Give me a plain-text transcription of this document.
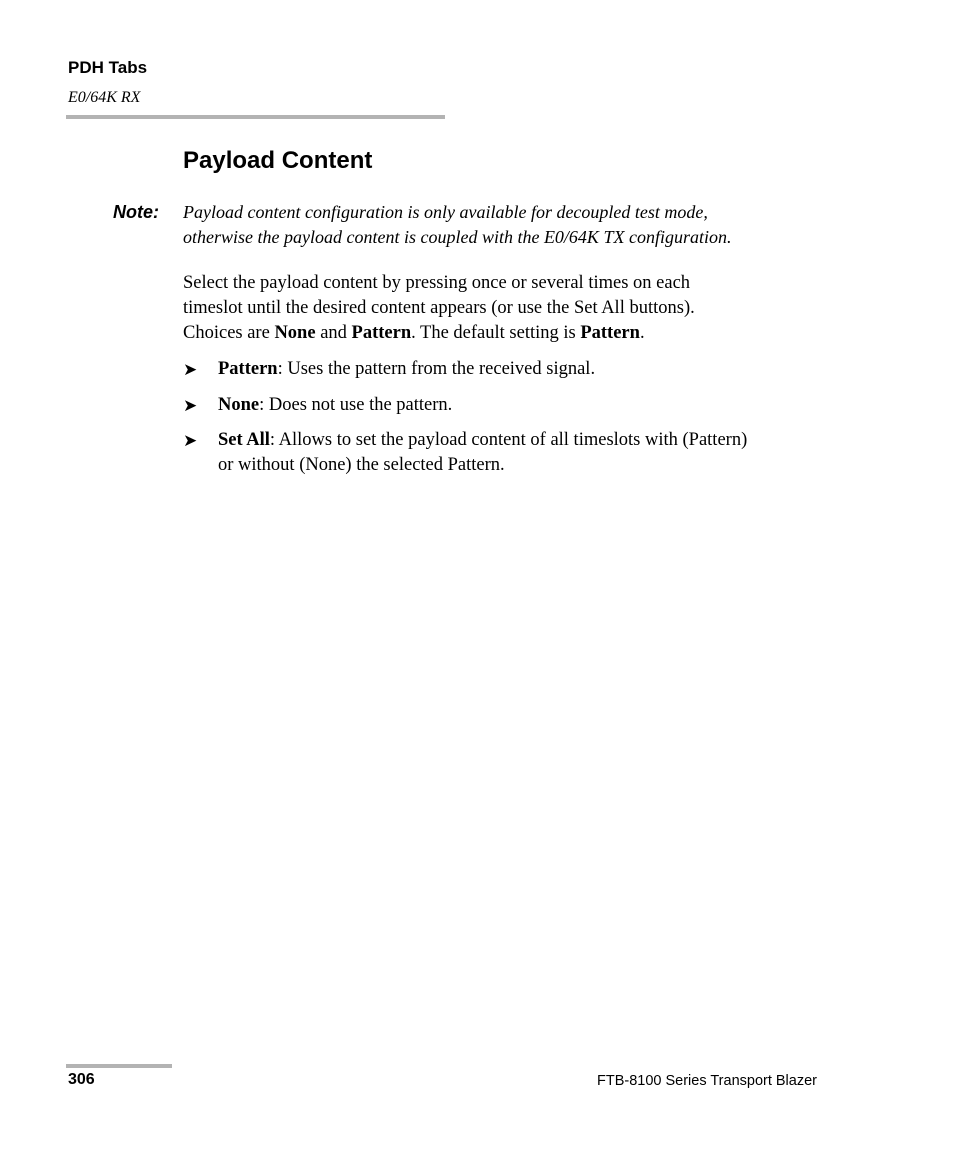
PDH Tabs
E0/64K RX
Payload Content
Note: Payload content configuration is only available for decoupled test mode,
otherwise the payload content is coupled with the E0/64K TX configuration.
Select the payload content by pressing once or several times on each
timeslot until the desired content appears (or use the Set All buttons).
Choices are None and Pattern. The default setting is Pattern.
➤	Pattern: Uses the pattern from the received signal.
➤	None: Does not use the pattern.
➤	Set All: Allows to set the payload content of all timeslots with (Pattern)
or without (None) the selected Pattern.
306	FTB-8100 Series Transport Blazer
